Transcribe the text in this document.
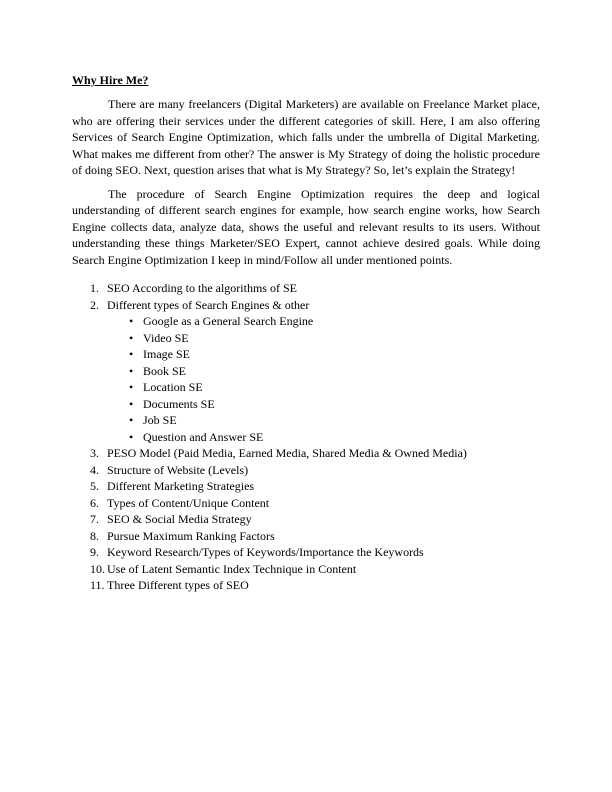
Why Hire Me?

There are many freelancers (Digital Marketers) are available on Freelance Market place, who are offering their services under the different categories of skill. Here, I am also offering Services of Search Engine Optimization, which falls under the umbrella of Digital Marketing. What makes me different from other? The answer is My Strategy of doing the holistic procedure of doing SEO. Next, question arises that what is My Strategy? So, let’s explain the Strategy!

The procedure of Search Engine Optimization requires the deep and logical understanding of different search engines for example, how search engine works, how Search Engine collects data, analyze data, shows the useful and relevant results to its users. Without understanding these things Marketer/SEO Expert, cannot achieve desired goals. While doing Search Engine Optimization I keep in mind/Follow all under mentioned points.

1. SEO According to the algorithms of SE
2. Different types of Search Engines & other
• Google as a General Search Engine
• Video SE
• Image SE
• Book SE
• Location SE
• Documents SE
• Job SE
• Question and Answer SE
3. PESO Model (Paid Media, Earned Media, Shared Media & Owned Media)
4. Structure of Website (Levels)
5. Different Marketing Strategies
6. Types of Content/Unique Content
7. SEO & Social Media Strategy
8. Pursue Maximum Ranking Factors
9. Keyword Research/Types of Keywords/Importance the Keywords
10. Use of Latent Semantic Index Technique in Content
11. Three Different types of SEO
